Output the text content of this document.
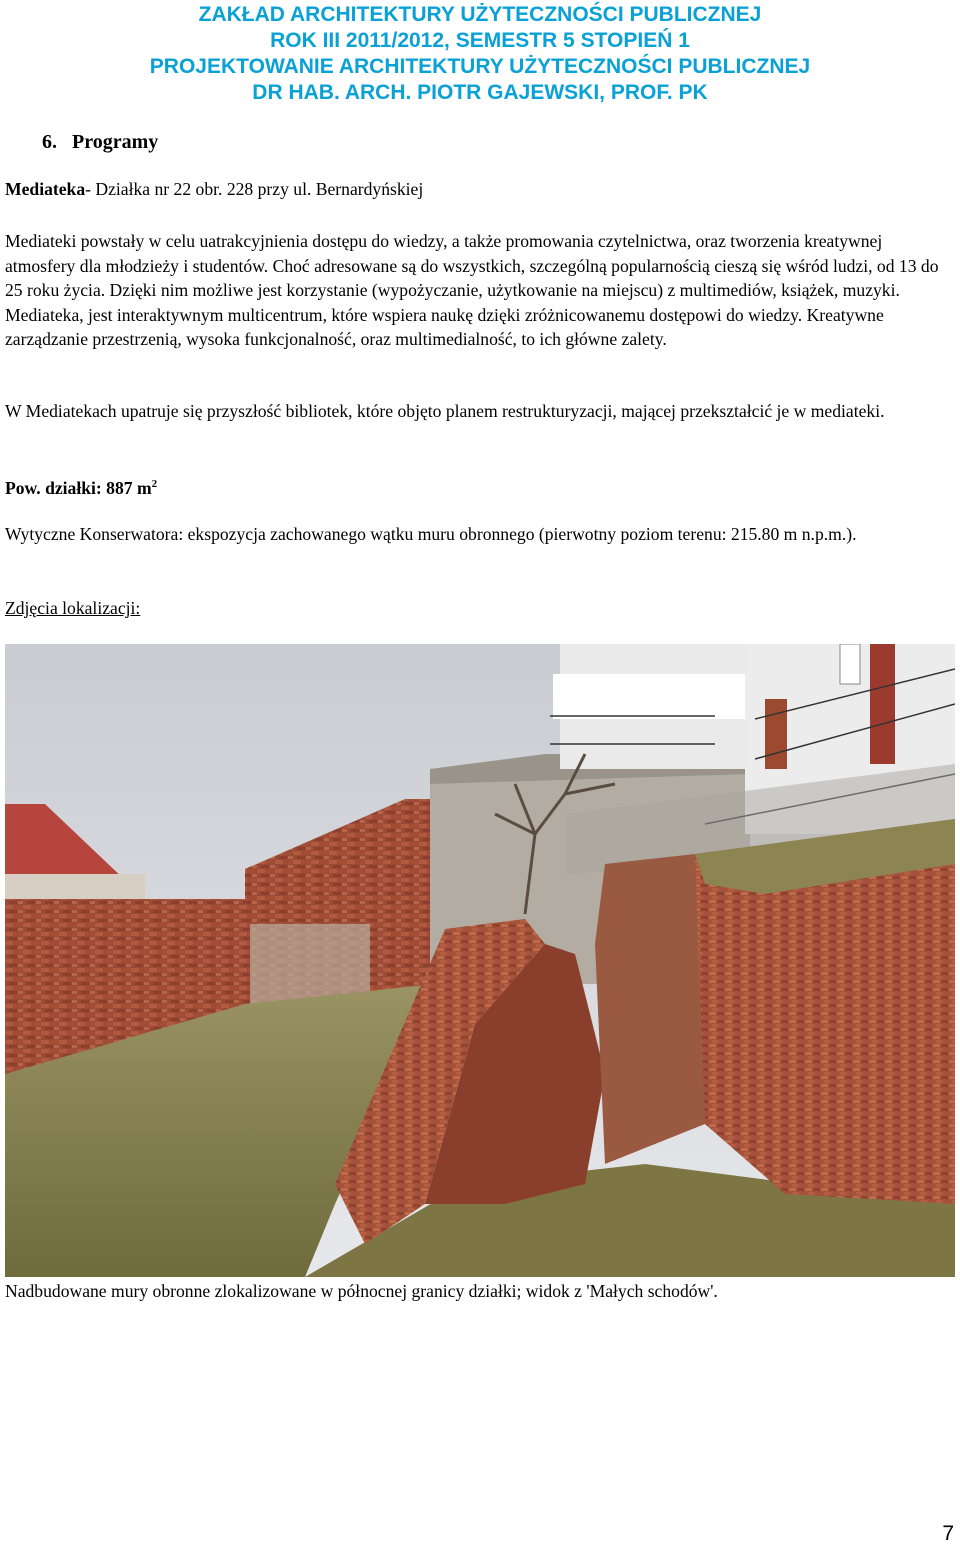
ZAKŁAD ARCHITEKTURY UŻYTECZNOŚCI PUBLICZNEJ
ROK III 2011/2012, SEMESTR 5 STOPIEŃ 1
PROJEKTOWANIE ARCHITEKTURY UŻYTECZNOŚCI PUBLICZNEJ
DR HAB. ARCH. PIOTR GAJEWSKI, PROF. PK
6. Programy

Mediateka- Działka nr 22 obr. 228 przy ul. Bernardyńskiej

Mediateki powstały w celu uatrakcyjnienia dostępu do wiedzy, a także promowania czytelnictwa, oraz tworzenia kreatywnej atmosfery dla młodzieży i studentów. Choć adresowane są do wszystkich, szczególną popularnością cieszą się wśród ludzi, od 13 do 25 roku życia. Dzięki nim możliwe jest korzystanie (wypożyczanie, użytkowanie na miejscu) z multimediów, książek, muzyki. Mediateka, jest interaktywnym multicentrum, które wspiera naukę dzięki zróżnicowanemu dostępowi do wiedzy. Kreatywne zarządzanie przestrzenią, wysoka funkcjonalność, oraz multimedialność, to ich główne zalety.

W Mediatekach upatruje się przyszłość bibliotek, które objęto planem restrukturyzacji, mającej przekształcić je w mediateki.

Pow. działki: 887 $m^2$

Wytyczne Konserwatora: ekspozycja zachowanego wątku muru obronnego (pierwotny poziom terenu: 215.80 m n.p.m.).

Zdjęcia lokalizacji:

Nadbudowane mury obronne zlokalizowane w północnej granicy działki; widok z 'Małych schodów'.
7
